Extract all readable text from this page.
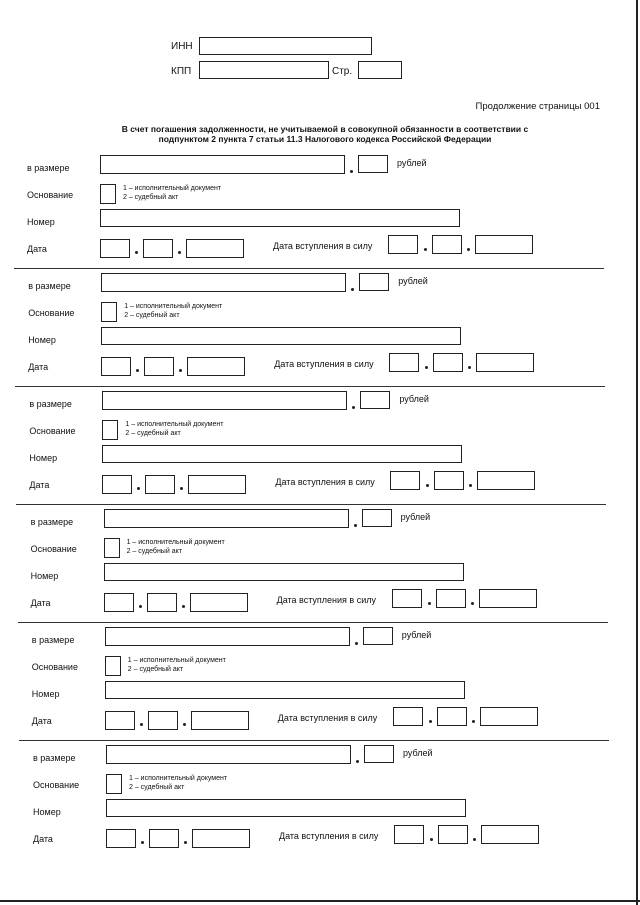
ИНН
КПП	Стр.
Продолжение страницы 001
В счет погашения задолженности, не учитываемой в совокупной обязанности в соответствии с
подпунктом 2 пункта 7 статьи 11.3 Налогового кодекса Российской Федерации
в размере	рублей
Основание
1 – исполнительный документ
2 – судебный акт
Номер
Дата	Дата вступления в силу
в размере	рублей
Основание
1 – исполнительный документ
2 – судебный акт
Номер
Дата	Дата вступления в силу
в размере	рублей
Основание
1 – исполнительный документ
2 – судебный акт
Номер
Дата	Дата вступления в силу
в размере	рублей
Основание
1 – исполнительный документ
2 – судебный акт
Номер
Дата	Дата вступления в силу
в размере	рублей
Основание
1 – исполнительный документ
2 – судебный акт
Номер
Дата	Дата вступления в силу
в размере	рублей
Основание
1 – исполнительный документ
2 – судебный акт
Номер
Дата	Дата вступления в силу
